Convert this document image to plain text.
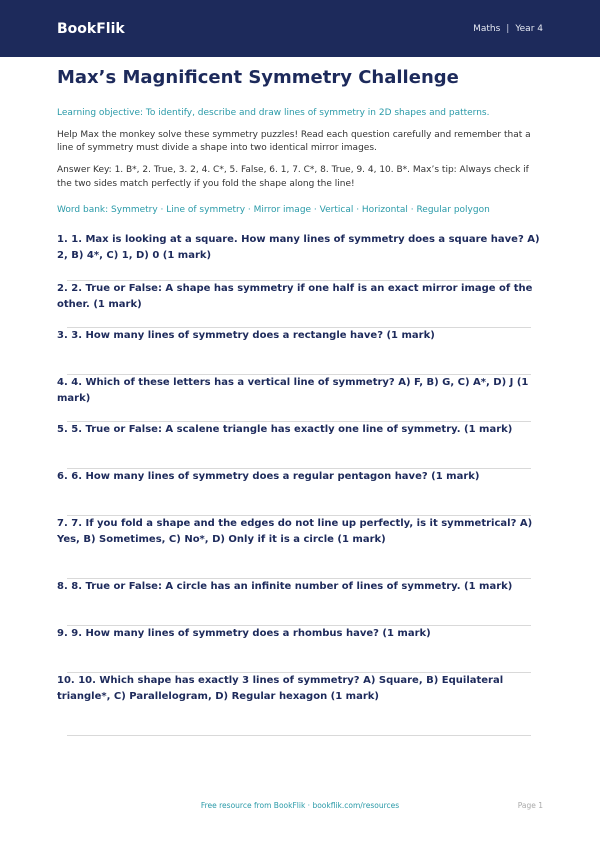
BookFlik	Maths | Year 4
Max’s Magnificent Symmetry Challenge

Learning objective: To identify, describe and draw lines of symmetry in 2D shapes and patterns.

Help Max the monkey solve these symmetry puzzles! Read each question carefully and remember that a line of symmetry must divide a shape into two identical mirror images.

Answer Key: 1. B*, 2. True, 3. 2, 4. C*, 5. False, 6. 1, 7. C*, 8. True, 9. 4, 10. B*. Max’s tip: Always check if the two sides match perfectly if you fold the shape along the line!

Word bank: Symmetry · Line of symmetry · Mirror image · Vertical · Horizontal · Regular polygon

1. 1. Max is looking at a square. How many lines of symmetry does a square have? A) 2, B) 4*, C) 1, D) 0 (1 mark)
2. 2. True or False: A shape has symmetry if one half is an exact mirror image of the other. (1 mark)
3. 3. How many lines of symmetry does a rectangle have? (1 mark)
4. 4. Which of these letters has a vertical line of symmetry? A) F, B) G, C) A*, D) J (1 mark)
5. 5. True or False: A scalene triangle has exactly one line of symmetry. (1 mark)
6. 6. How many lines of symmetry does a regular pentagon have? (1 mark)
7. 7. If you fold a shape and the edges do not line up perfectly, is it symmetrical? A) Yes, B) Sometimes, C) No*, D) Only if it is a circle (1 mark)
8. 8. True or False: A circle has an infinite number of lines of symmetry. (1 mark)
9. 9. How many lines of symmetry does a rhombus have? (1 mark)
10. 10. Which shape has exactly 3 lines of symmetry? A) Square, B) Equilateral triangle*, C) Parallelogram, D) Regular hexagon (1 mark)
Free resource from BookFlik · bookflik.com/resources	Page 1
